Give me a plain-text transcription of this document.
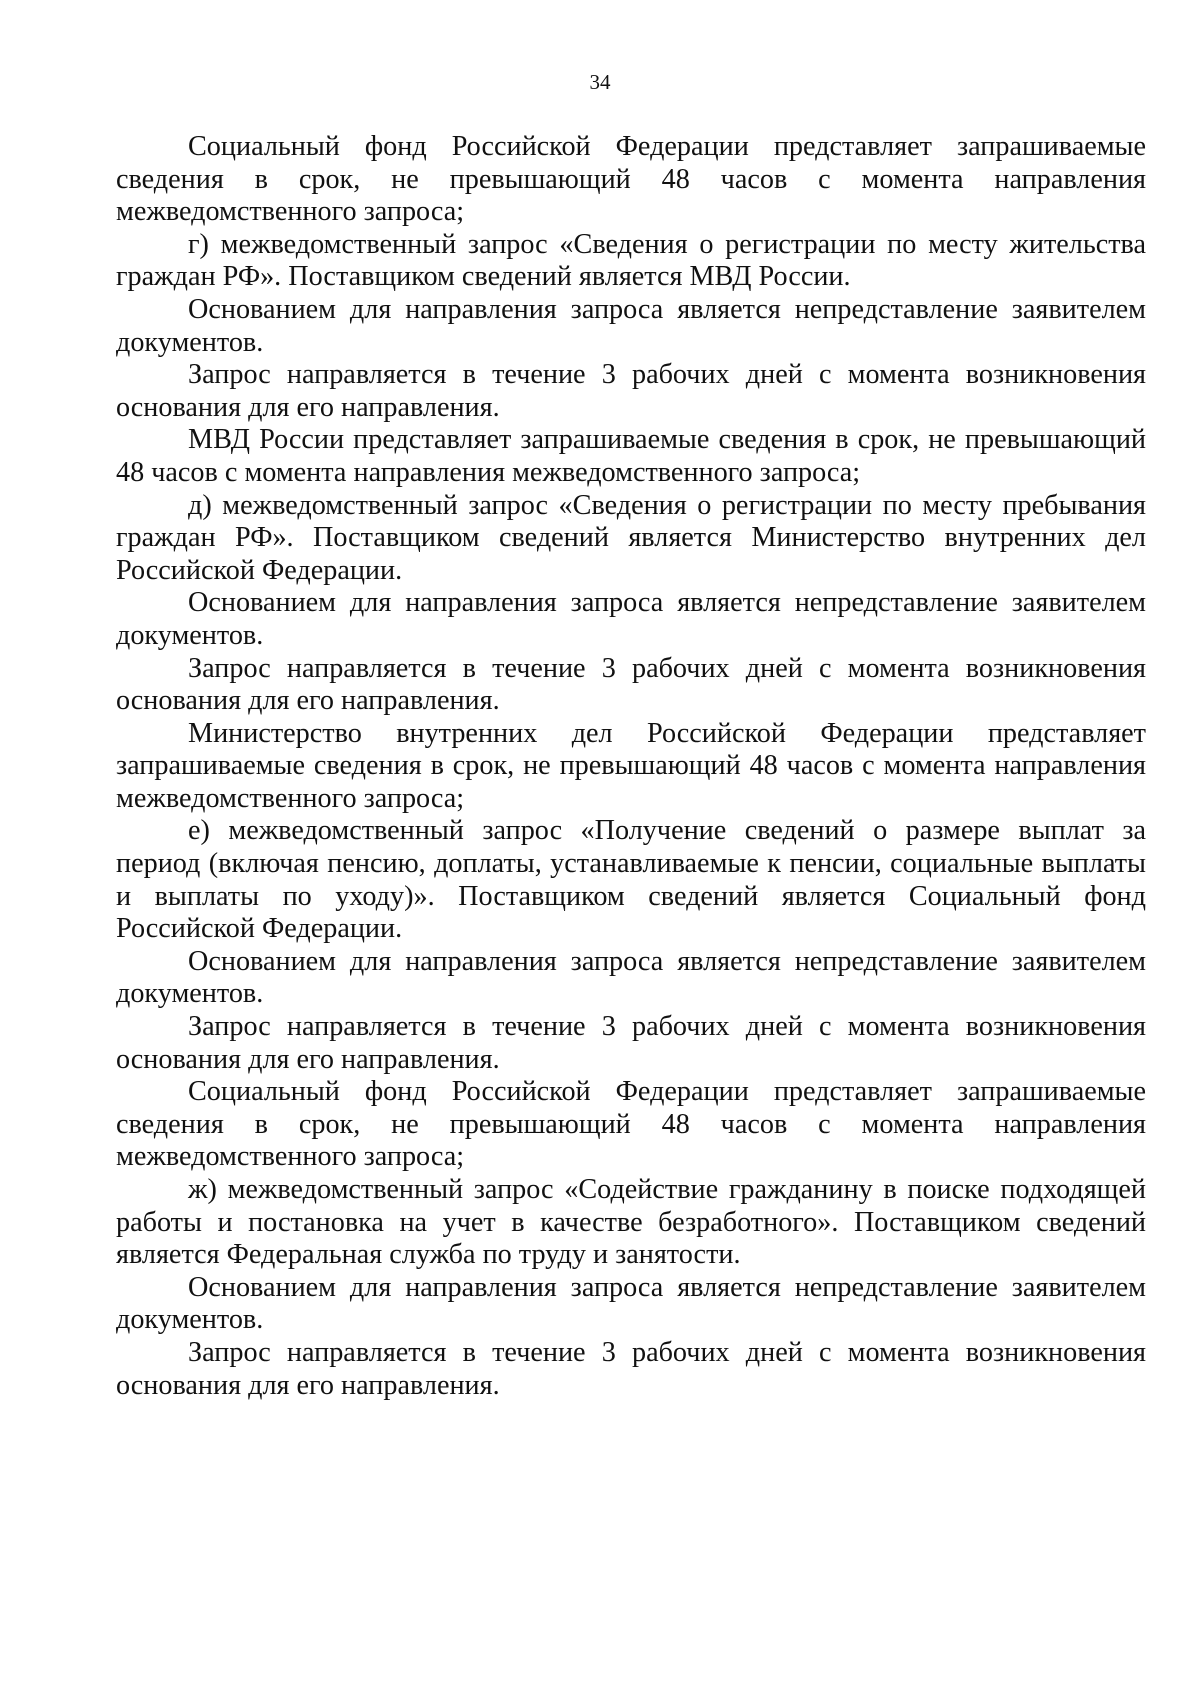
34

Социальный фонд Российской Федерации представляет запрашиваемые сведения в срок, не превышающий 48 часов с момента направления межведомственного запроса;

г) межведомственный запрос «Сведения о регистрации по месту жительства граждан РФ». Поставщиком сведений является МВД России.

Основанием для направления запроса является непредставление заявителем документов.

Запрос направляется в течение 3 рабочих дней с момента возникновения основания для его направления.

МВД России представляет запрашиваемые сведения в срок, не превышающий 48 часов с момента направления межведомственного запроса;

д) межведомственный запрос «Сведения о регистрации по месту пребывания граждан РФ». Поставщиком сведений является Министерство внутренних дел Российской Федерации.

Основанием для направления запроса является непредставление заявителем документов.

Запрос направляется в течение 3 рабочих дней с момента возникновения основания для его направления.

Министерство внутренних дел Российской Федерации представляет запрашиваемые сведения в срок, не превышающий 48 часов с момента направления межведомственного запроса;

е) межведомственный запрос «Получение сведений о размере выплат за период (включая пенсию, доплаты, устанавливаемые к пенсии, социальные выплаты и выплаты по уходу)». Поставщиком сведений является Социальный фонд Российской Федерации.

Основанием для направления запроса является непредставление заявителем документов.

Запрос направляется в течение 3 рабочих дней с момента возникновения основания для его направления.

Социальный фонд Российской Федерации представляет запрашиваемые сведения в срок, не превышающий 48 часов с момента направления межведомственного запроса;

ж) межведомственный запрос «Содействие гражданину в поиске подходящей работы и постановка на учет в качестве безработного». Поставщиком сведений является Федеральная служба по труду и занятости.

Основанием для направления запроса является непредставление заявителем документов.

Запрос направляется в течение 3 рабочих дней с момента возникновения основания для его направления.
